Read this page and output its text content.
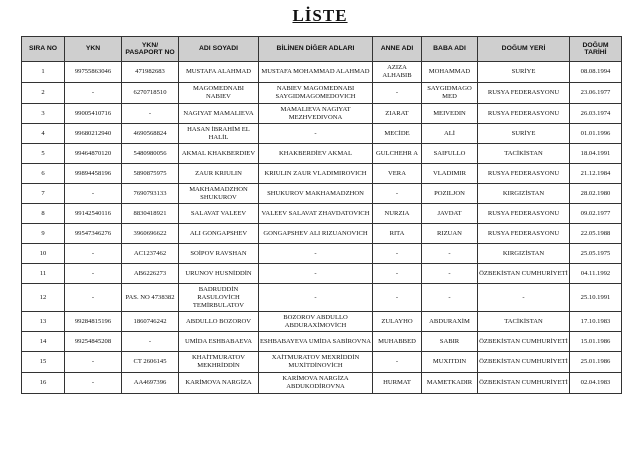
LİSTE
SIRA NO	YKN	YKN/ PASAPORT NO	ADI SOYADI	BİLİNEN DİĞER ADLARI	ANNE ADI	BABA ADI	DOĞUM YERİ	DOĞUM TARİHİ
1	99755863046	471982683	MUSTAFA ALAHMAD	MUSTAFA MOHAMMAD ALAHMAD	AZIZA ALHABIB	MOHAMMAD	SURİYE	08.08.1994
2	-	6270718510	MAGOMEDNABI NABIEV	NABIEV MAGOMEDNABI SAYGIDMAGOMEDOVICH	-	SAYGIDMAGO MED	RUSYA FEDERASYONU	23.06.1977
3	99005410716	-	NAGIYAT MAMALIEVA	MAMALIEVA NAGIYAT MEZHVEDIVONA	ZIARAT	MEIVEDIN	RUSYA FEDERASYONU	26.03.1974
4	99680212940	4690568824	HASAN İBRAHİM EL HALİL	-	MECİDE	ALİ	SURİYE	01.01.1996
5	99464870120	5480980056	AKMAL KHAKBERDIEV	KHAKBERDİEV AKMAL	GULCHEHR A	SAIFULLO	TACİKİSTAN	18.04.1991
6	99894458196	5890875975	ZAUR KRIULIN	KRIULIN ZAUR VLADIMIROVICH	VERA	VLADIMIR	RUSYA FEDERASYONU	21.12.1984
7	-	7690793133	MAKHAMADZHON SHUKUROV	SHUKUROV MAKHAMADZHON	-	POZILJON	KIRGIZİSTAN	28.02.1980
8	99142540116	8830418921	SALAVAT VALEEV	VALEEV SALAVAT ZHAVDATOVICH	NURZIA	JAVDAT	RUSYA FEDERASYONU	09.02.1977
9	99547346276	3960696622	ALI GONGAPSHEV	GONGAPSHEV ALI RIZUANOVICH	RITA	RIZUAN	RUSYA FEDERASYONU	22.05.1988
10	-	AC1237462	SOİPOV RAVSHAN	-	-	-	KIRGIZİSTAN	25.05.1975
11	-	AB6226273	URUNOV HUSNİDDİN	-	-	-	ÖZBEKİSTAN CUMHURİYETİ	04.11.1992
12	-	PAS. NO 4738382	BADRUDDİN RASULOVİCH TEMİRBULATOV	-	-	-	-	25.10.1991
13	99284815196	1860746242	ABDULLO BOZOROV	BOZOROV ABDULLO ABDURAXİMOVİCH	ZULAYHO	ABDURAXİM	TACİKİSTAN	17.10.1983
14	99254845208	-	UMİDA ESHBABAEVA	ESHBABAYEVA UMİDA SABİROVNA	MUHABBED	SABIR	ÖZBEKİSTAN CUMHURİYETİ	15.01.1986
15	-	CT 2606145	KHAİTMURATOV MEKHRİDDİN	XAİTMURATOV MEXRİDDİN MUXİTDİNOVİCH	-	MUXITDIN	ÖZBEKİSTAN CUMHURİYETİ	25.01.1986
16	-	AA4697396	KARİMOVA NARGİZA	KARİMOVA NARGİZA ABDUKODİROVNA	HURMAT	MAMETKADIR	ÖZBEKİSTAN CUMHURİYETİ	02.04.1983
